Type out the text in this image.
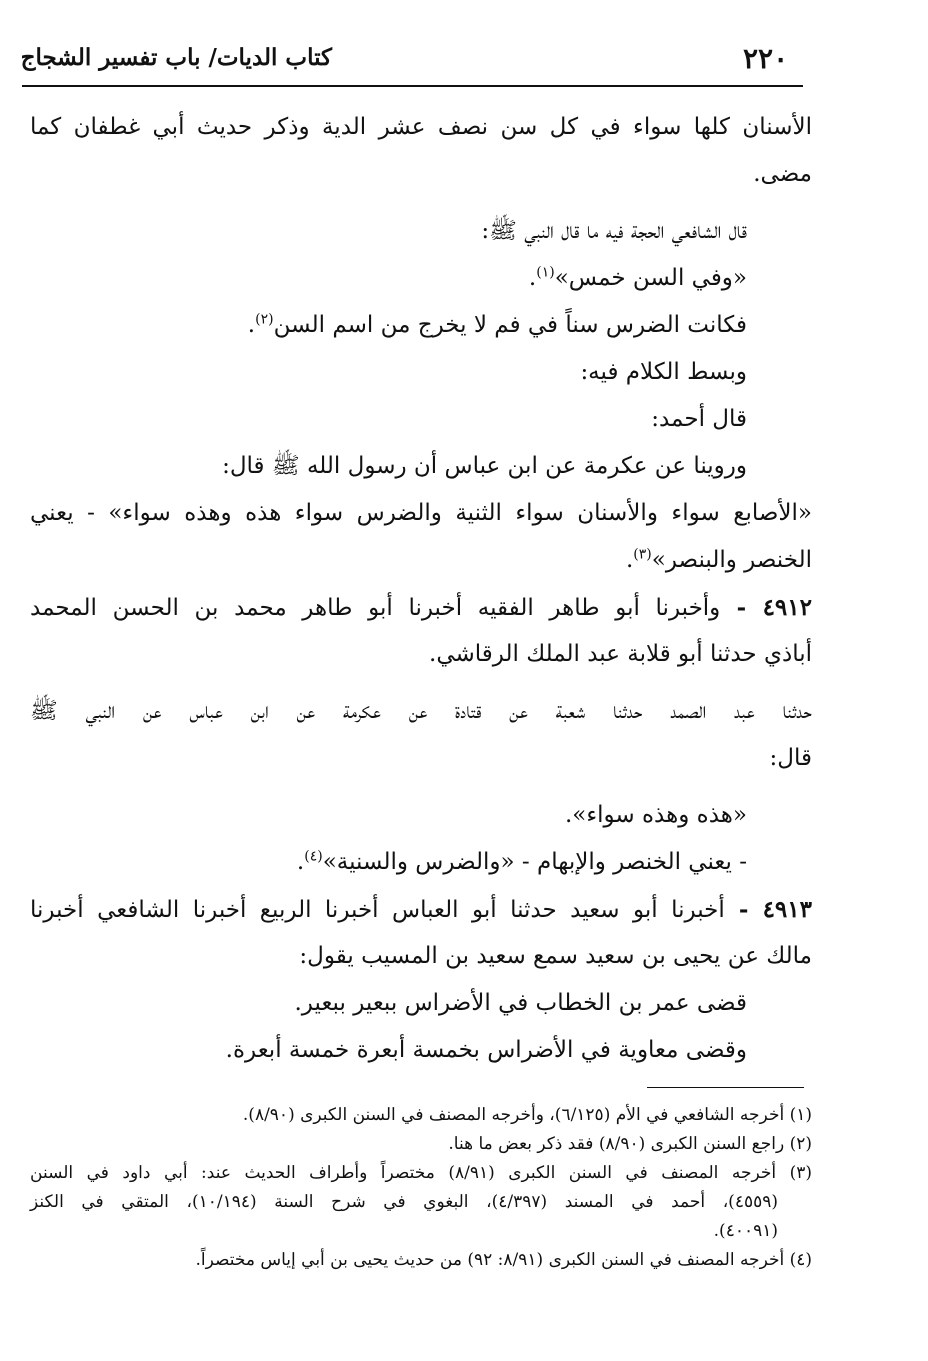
٢٢٠
كتاب الديات/ باب تفسير الشجاج
الأسنان كلها سواء في كل سن نصف عشر الدية وذكر حديث أبي غطفان كما
مضى.
قال الشافعي الحجة فيه ما قال النبي ﷺ:
«وفي السن خمس»$^{(١)}$.
فكانت الضرس سناً في فم لا يخرج من اسم السن$^{(٢)}$.
وبسط الكلام فيه:
قال أحمد:
وروينا عن عكرمة عن ابن عباس أن رسول الله ﷺ قال:
«الأصابع سواء والأسنان سواء الثنية والضرس سواء هذه وهذه سواء» - يعني
الخنصر والبنصر»$^{(٣)}$.
٤٩١٢ - وأخبرنا أبو طاهر الفقيه أخبرنا أبو طاهر محمد بن الحسن المحمد
أباذي حدثنا أبو قلابة عبد الملك الرقاشي.
حدثنا عبد الصمد حدثنا شعبة عن قتادة عن عكرمة عن ابن عباس عن النبي ﷺ
قال:
«هذه وهذه سواء».
- يعني الخنصر والإبهام - «والضرس والسنية»$^{(٤)}$.
٤٩١٣ - أخبرنا أبو سعيد حدثنا أبو العباس أخبرنا الربيع أخبرنا الشافعي أخبرنا
مالك عن يحيى بن سعيد سمع سعيد بن المسيب يقول:
قضى عمر بن الخطاب في الأضراس ببعير ببعير.
وقضى معاوية في الأضراس بخمسة أبعرة خمسة أبعرة.
(١) أخرجه الشافعي في الأم (٦/١٢٥)، وأخرجه المصنف في السنن الكبرى (٨/٩٠).
(٢) راجع السنن الكبرى (٨/٩٠) فقد ذكر بعض ما هنا.
(٣) أخرجه المصنف في السنن الكبرى (٨/٩١) مختصراً وأطراف الحديث عند: أبي داود في السنن
(٤٥٥٩)، أحمد في المسند (٤/٣٩٧)، البغوي في شرح السنة (١٠/١٩٤)، المتقي في الكنز
(٤٠٠٩١).
(٤) أخرجه المصنف في السنن الكبرى (٨/٩١: ٩٢) من حديث يحيى بن أبي إياس مختصراً.
